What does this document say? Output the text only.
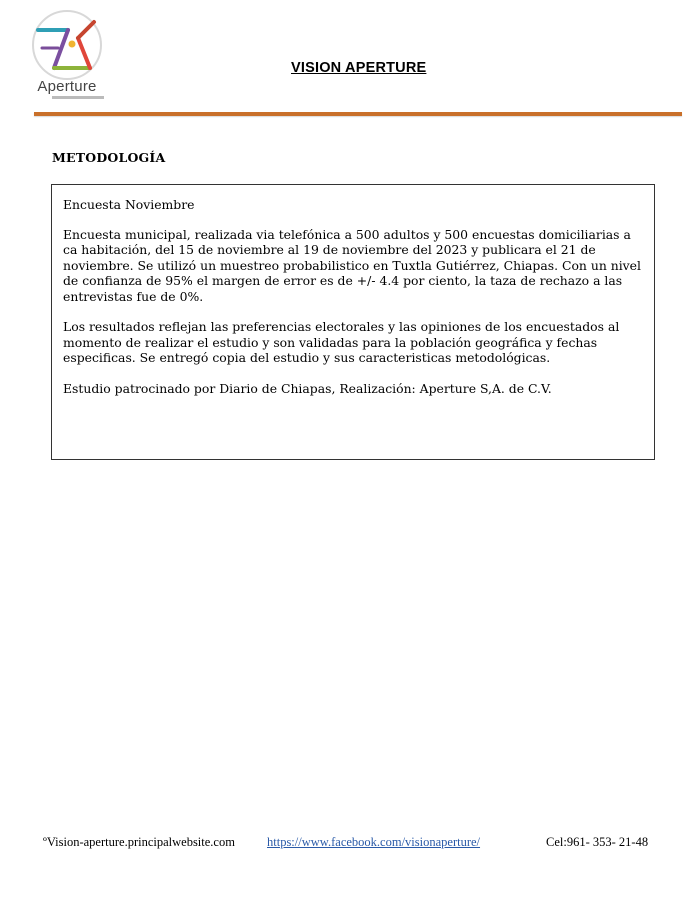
Aperture
VISION APERTURE
METODOLOGÍA

Encuesta Noviembre

Encuesta municipal, realizada via telefónica a 500 adultos y 500 encuestas domiciliarias a ca habitación, del 15 de noviembre al 19 de noviembre del 2023 y publicara el 21 de noviembre. Se utilizó un muestreo probabilistico en Tuxtla Gutiérrez, Chiapas. Con un nivel de confianza de 95% el margen de error es de +/- 4.4 por ciento, la taza de rechazo a las entrevistas fue de 0%.

Los resultados reflejan las preferencias electorales y las opiniones de los encuestados al momento de realizar el estudio y son validadas para la población geográfica y fechas especificas. Se entregó copia del estudio y sus caracteristicas metodológicas.

Estudio patrocinado por Diario de Chiapas, Realización: Aperture S,A. de C.V.

ºVision-aperture.principalwebsite.com	https://www.facebook.com/visionaperture/	Cel:961- 353- 21-48
